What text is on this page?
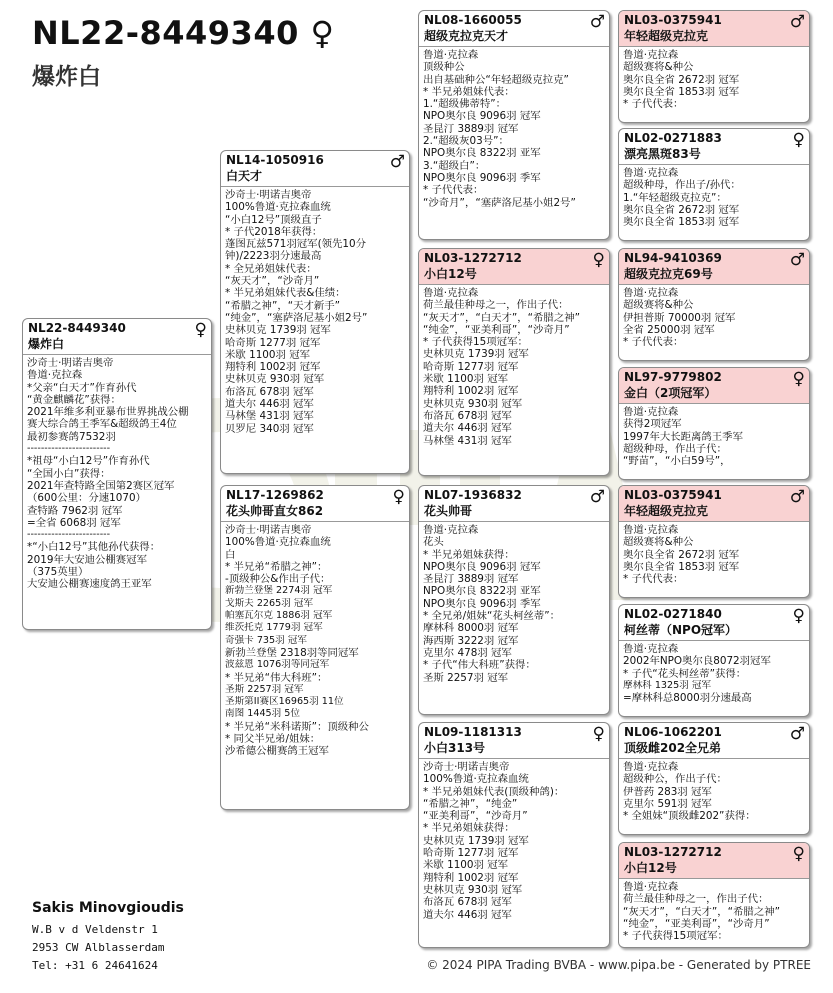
NL22-8449340 ♀
爆炸白
NL22-8449340
爆炸白
♀
沙奇士·明诺吉奥帝
鲁道·克拉森
*父亲“白天才”作育孙代
“黄金麒麟花”获得：
2021年维多利亚暴布世界挑战公棚
赛大综合鸽王季军&超级鸽王4位
最初参赛鸽7532羽
------------------------
*祖母“小白12号”作育孙代
“全国小白”获得：
2021年查特路全国第2赛区冠军
（600公里：分速1070）
查特路 7962羽 冠军
=全省 6068羽 冠军
------------------------
*“小白12号”其他孙代获得：
2019年大安迪公棚赛冠军
（375英里）
大安迪公棚赛速度鸽王亚军
NL14-1050916
白天才
♂
沙奇士·明诺吉奥帝
100%鲁道·克拉森血统
“小白12号”顶级直子
* 子代2018年获得：
蓬图瓦兹571羽冠军(领先10分
钟)/2223羽分速最高
* 全兄弟姐妹代表：
“灰天才”，“沙奇月”
* 半兄弟姐妹代表&佳绩：
“希腊之神”，“天才新手”
“纯金”，“塞萨洛尼基小姐2号”
史林贝克 1739羽 冠军
哈奇斯 1277羽 冠军
米歇 1100羽 冠军
翔特利 1002羽 冠军
史林贝克 930羽 冠军
布洛瓦 678羽 冠军
道夫尔 446羽 冠军
马林堡 431羽 冠军
贝罗尼 340羽 冠军
NL17-1269862
花头帅哥直女862
♀
沙奇士·明诺吉奥帝
100%鲁道·克拉森血统
白
* 半兄弟“希腊之神”：
-顶级种公&作出子代：
新勃兰登堡 2274羽 冠军
戈斯夫 2265羽 冠军
帕塞瓦尔克 1886羽 冠军
维茨托克 1779羽 冠军
奇强卡 735羽 冠军
新勃兰登堡 2318羽等同冠军
波兹恩 1076羽等同冠军
* 半兄弟“伟大科班”：
圣斯 2257羽 冠军
圣斯第II赛区16965羽 11位
南图 1445羽 5位
* 半兄弟“米科诺斯”：顶级种公
* 同父半兄弟/姐妹：
沙希德公棚赛鸽王冠军
NL08-1660055
超级克拉克天才
♂
鲁道·克拉森
顶级种公
出自基础种公“年轻超级克拉克”
* 半兄弟姐妹代表：
1.“超级佛蒂特”：
NPO奥尔良 9096羽 冠军
圣昆汀 3889羽 冠军
2.“超级灰03号”：
NPO奥尔良 8322羽 亚军
3.“超级白”：
NPO奥尔良 9096羽 季军
* 子代代表：
“沙奇月”，“塞萨洛尼基小姐2号”
NL03-1272712
小白12号
♀
鲁道·克拉森
荷兰最佳种母之一，作出子代：
“灰天才”，“白天才”，“希腊之神”
“纯金”，“亚美利哥”，“沙奇月”
* 子代获得15项冠军：
史林贝克 1739羽 冠军
哈奇斯 1277羽 冠军
米歇 1100羽 冠军
翔特利 1002羽 冠军
史林贝克 930羽 冠军
布洛瓦 678羽 冠军
道夫尔 446羽 冠军
马林堡 431羽 冠军
NL07-1936832
花头帅哥
♂
鲁道·克拉森
花头
* 半兄弟姐妹获得：
NPO奥尔良 9096羽 冠军
圣昆汀 3889羽 冠军
NPO奥尔良 8322羽 亚军
NPO奥尔良 9096羽 季军
* 全兄弟/姐妹“花头柯丝蒂”：
摩林科 8000羽 冠军
海西斯 3222羽 冠军
克里尔 478羽 冠军
* 子代“伟大科班”获得：
圣斯 2257羽 冠军
NL09-1181313
小白313号
♀
沙奇士·明诺吉奥帝
100%鲁道·克拉森血统
* 半兄弟姐妹代表(顶级种鸽)：
“希腊之神”，“纯金”
“亚美利哥”，“沙奇月”
* 半兄弟姐妹获得：
史林贝克 1739羽 冠军
哈奇斯 1277羽 冠军
米歇 1100羽 冠军
翔特利 1002羽 冠军
史林贝克 930羽 冠军
布洛瓦 678羽 冠军
道夫尔 446羽 冠军
NL03-0375941
年轻超级克拉克
♂
鲁道·克拉森
超级赛将&种公
奥尔良全省 2672羽 冠军
奥尔良全省 1853羽 冠军
* 子代代表：
NL02-0271883
漂亮黑斑83号
♀
鲁道·克拉森
超级种母，作出子/孙代：
1.“年轻超级克拉克”：
奥尔良全省 2672羽 冠军
奥尔良全省 1853羽 冠军
NL94-9410369
超级克拉克69号
♂
鲁道·克拉森
超级赛将&种公
伊担普斯 70000羽 冠军
全省 25000羽 冠军
* 子代代表：
NL97-9779802
金白（2项冠军）
♀
鲁道·克拉森
获得2项冠军
1997年大长距离鸽王季军
超级种母，作出子代：
“野苗”，“小白59号”，
NL03-0375941
年轻超级克拉克
♂
鲁道·克拉森
超级赛将&种公
奥尔良全省 2672羽 冠军
奥尔良全省 1853羽 冠军
* 子代代表：
NL02-0271840
柯丝蒂（NPO冠军）
♀
鲁道·克拉森
2002年NPO奥尔良8072羽冠军
* 子代“花头柯丝蒂”获得：
摩林科 1325羽 冠军
=摩林科总8000羽分速最高
NL06-1062201
顶级雌202全兄弟
♂
鲁道·克拉森
超级种公，作出子代：
伊普药 283羽 冠军
克里尔 591羽 冠军
* 全姐妹“顶级雌202”获得：
NL03-1272712
小白12号
♀
鲁道·克拉森
荷兰最佳种母之一，作出子代：
“灰天才”，“白天才”，“希腊之神”
“纯金”，“亚美利哥”，“沙奇月”
* 子代获得15项冠军：
Sakis Minovgioudis
W.B v d Veldenstr 1
2953 CW Alblasserdam
Tel: +31 6 24641624	© 2024 PIPA Trading BVBA - www.pipa.be - Generated by PTREE
